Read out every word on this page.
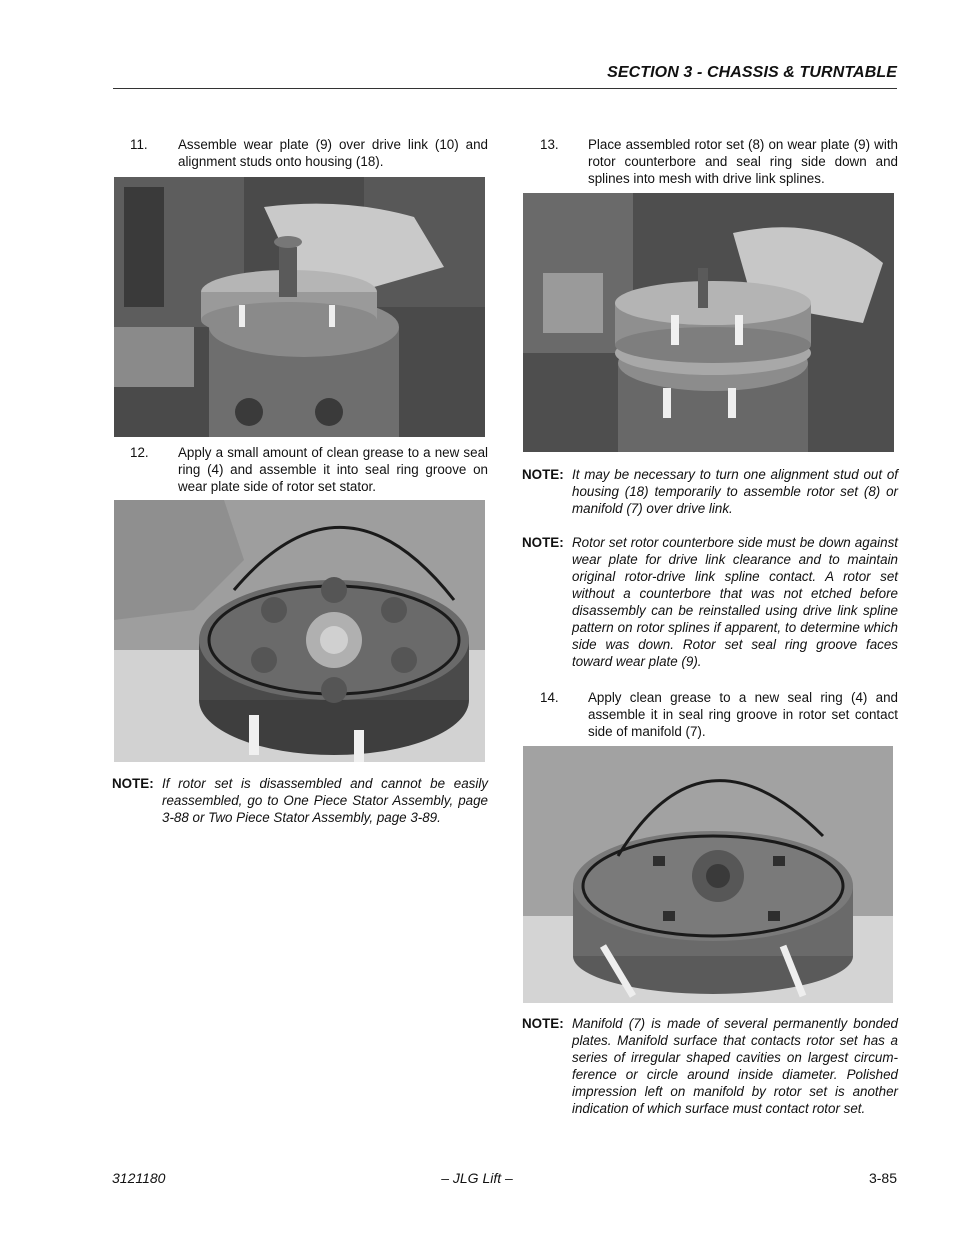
SECTION 3 - CHASSIS & TURNTABLE
11. Assemble wear plate (9) over drive link (10) and alignment studs onto housing (18).
12. Apply a small amount of clean grease to a new seal ring (4) and assemble it into seal ring groove on wear plate side of rotor set stator.
NOTE: If rotor set is disassembled and cannot be easily reassembled, go to One Piece Stator Assembly, page 3-88 or Two Piece Stator Assembly, page 3-89.
13. Place assembled rotor set (8) on wear plate (9) with rotor counterbore and seal ring side down and splines into mesh with drive link splines.
NOTE: It may be necessary to turn one alignment stud out of housing (18) temporarily to assemble rotor set (8) or manifold (7) over drive link.
NOTE: Rotor set rotor counterbore side must be down against wear plate for drive link clearance and to maintain original rotor-drive link spline contact. A rotor set without a counterbore that was not etched before disassembly can be reinstalled using drive link spline pattern on rotor splines if apparent, to determine which side was down. Rotor set seal ring groove faces toward wear plate (9).
14. Apply clean grease to a new seal ring (4) and assemble it in seal ring groove in rotor set contact side of manifold (7).
NOTE: Manifold (7) is made of several permanently bonded plates. Manifold surface that contacts rotor set has a series of irregular shaped cavities on largest circum-ference or circle around inside diameter. Polished impression left on manifold by rotor set is another indication of which surface must contact rotor set.
3121180	– JLG Lift –	3-85
